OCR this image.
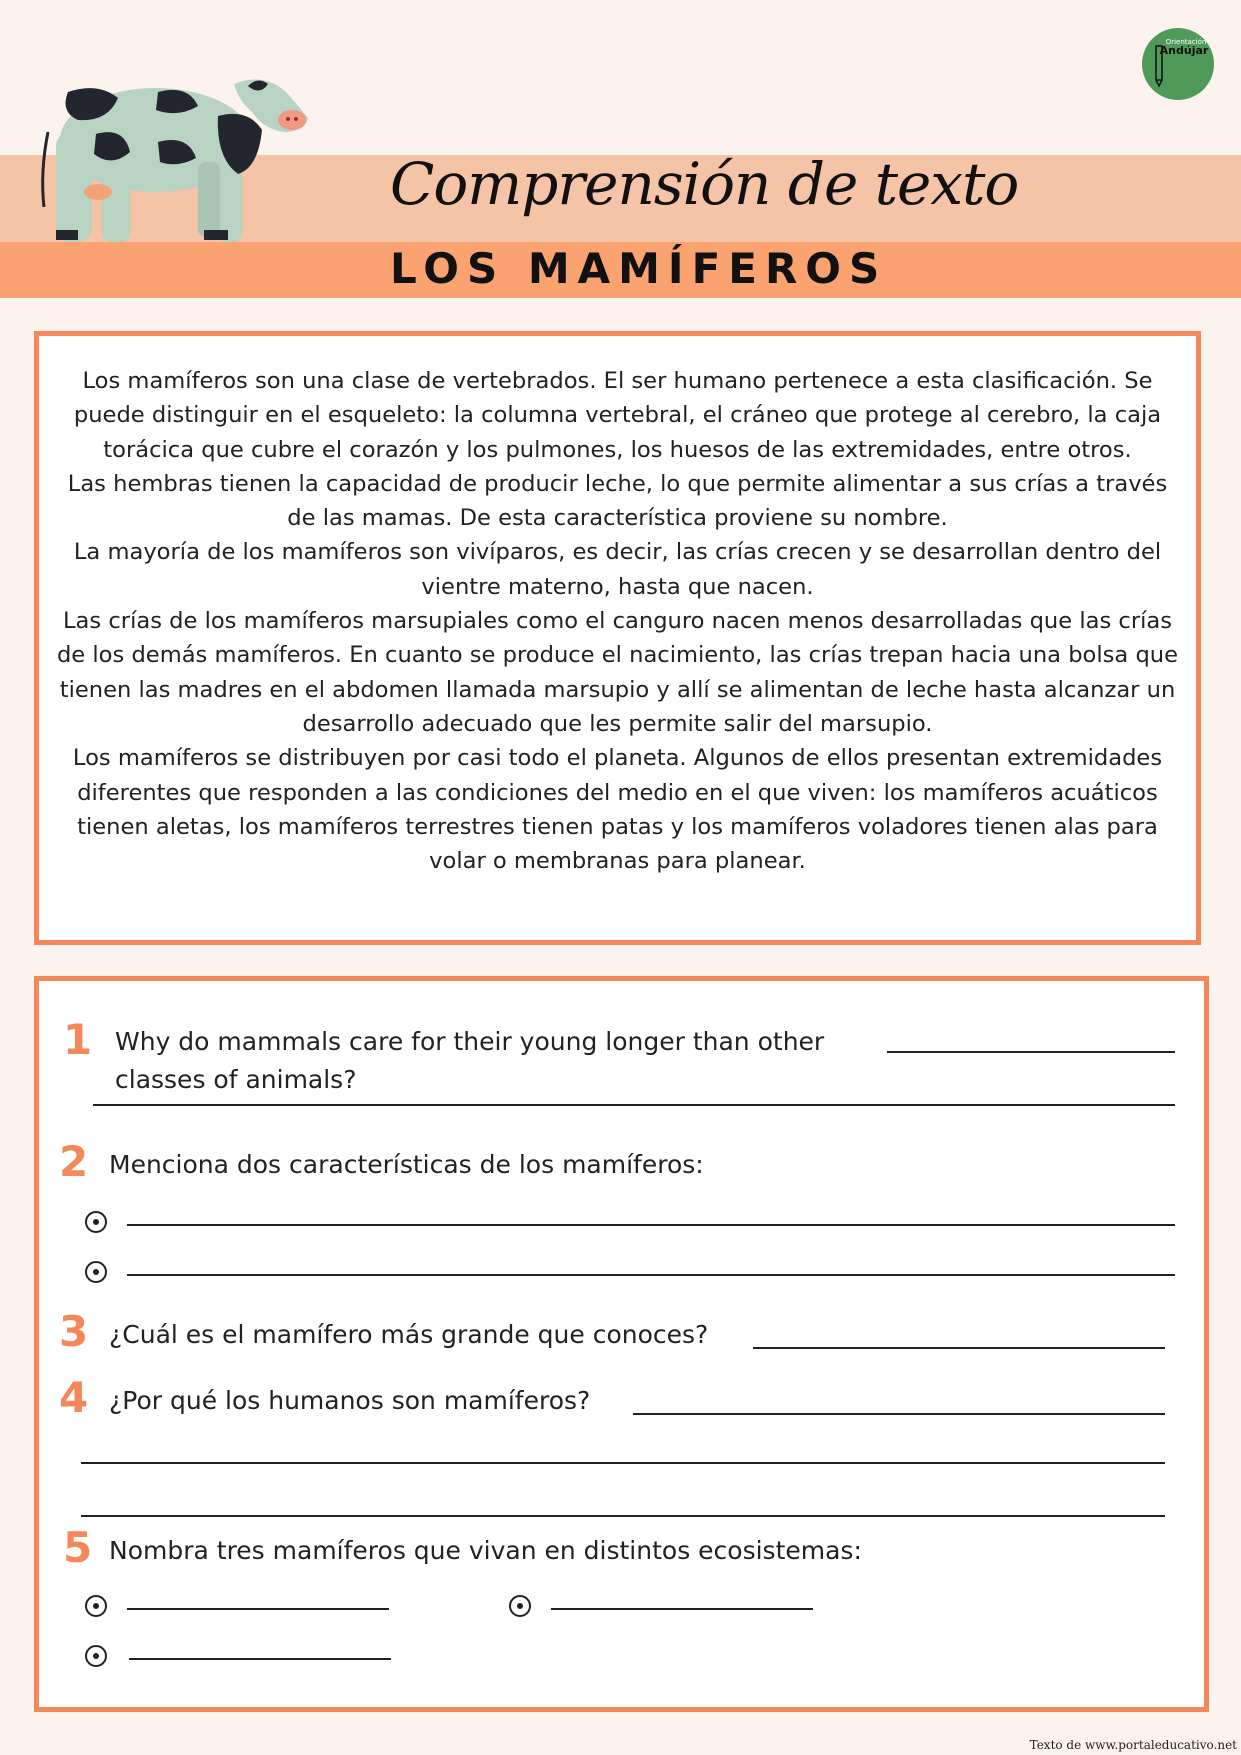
Orientación
Andújar
Comprensión de texto
LOS MAMÍFEROS

Los mamíferos son una clase de vertebrados. El ser humano pertenece a esta clasificación. Se puede distinguir en el esqueleto: la columna vertebral, el cráneo que protege al cerebro, la caja torácica que cubre el corazón y los pulmones, los huesos de las extremidades, entre otros.

Las hembras tienen la capacidad de producir leche, lo que permite alimentar a sus crías a través de las mamas. De esta característica proviene su nombre.

La mayoría de los mamíferos son vivíparos, es decir, las crías crecen y se desarrollan dentro del vientre materno, hasta que nacen.

Las crías de los mamíferos marsupiales como el canguro nacen menos desarrolladas que las crías de los demás mamíferos. En cuanto se produce el nacimiento, las crías trepan hacia una bolsa que tienen las madres en el abdomen llamada marsupio y allí se alimentan de leche hasta alcanzar un desarrollo adecuado que les permite salir del marsupio.

Los mamíferos se distribuyen por casi todo el planeta. Algunos de ellos presentan extremidades diferentes que responden a las condiciones del medio en el que viven: los mamíferos acuáticos tienen aletas, los mamíferos terrestres tienen patas y los mamíferos voladores tienen alas para volar o membranas para planear.

1 Why do mammals care for their young longer than other
classes of animals?
2 Menciona dos características de los mamíferos:
3 ¿Cuál es el mamífero más grande que conoces?
4 ¿Por qué los humanos son mamíferos?
5 Nombra tres mamíferos que vivan en distintos ecosistemas:
Texto de www.portaleducativo.net
